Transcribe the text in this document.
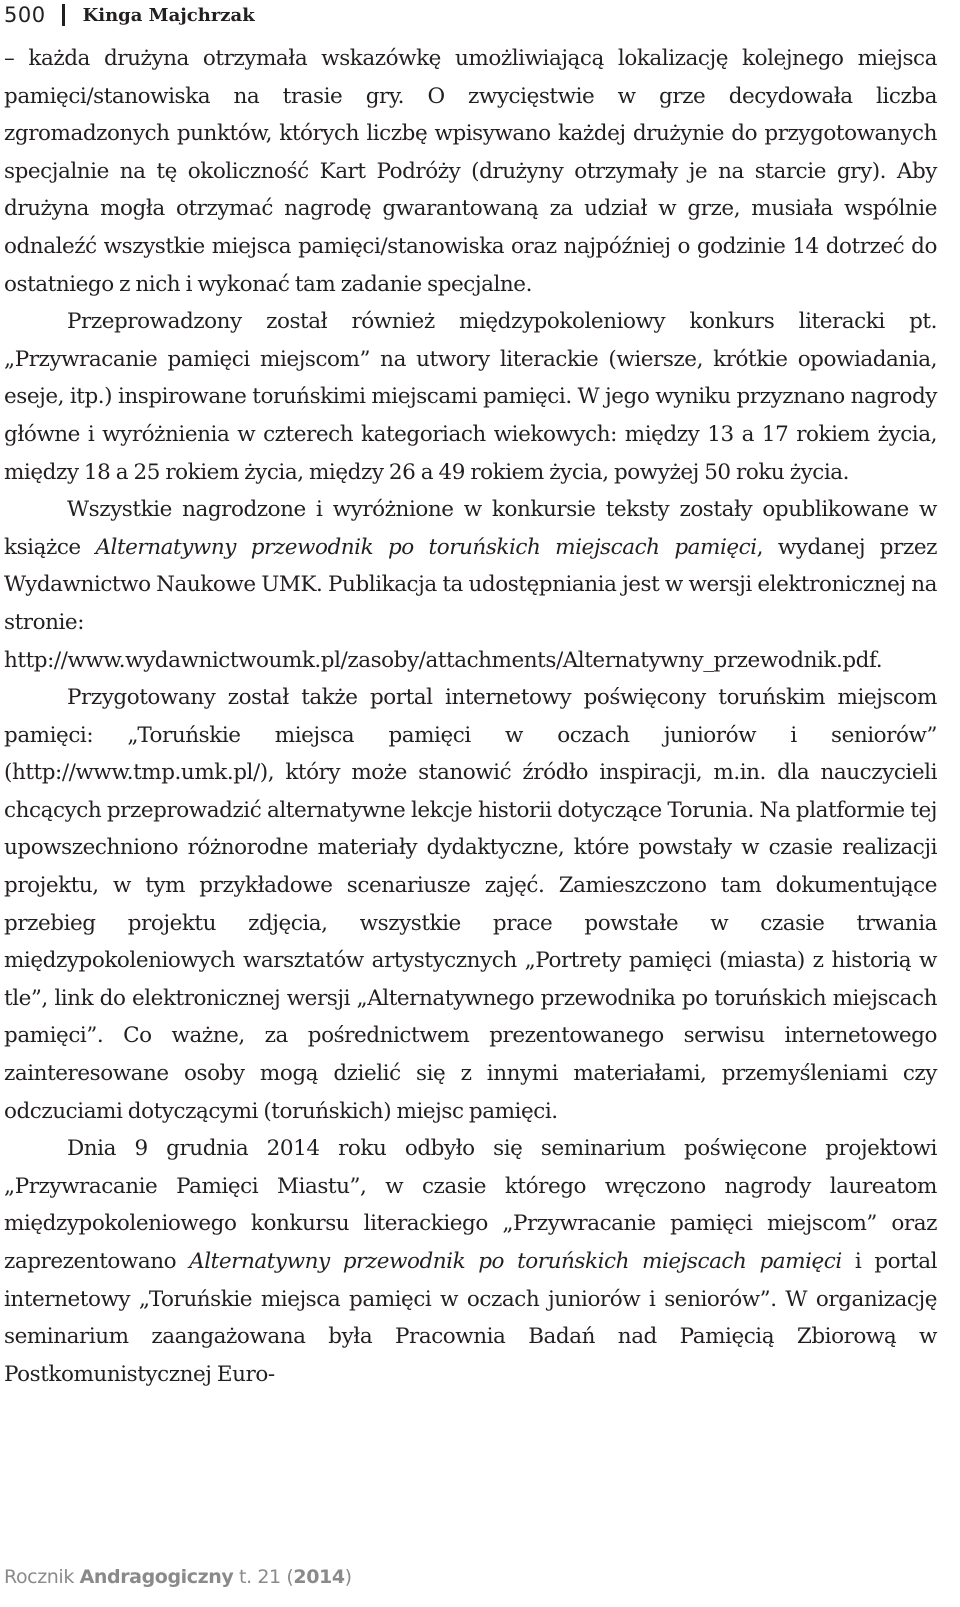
500 Kinga Majchrzak

– każda drużyna otrzymała wskazówkę umożliwiającą lokalizację kolejnego miejsca pamięci/stanowiska na trasie gry. O zwycięstwie w grze decydowała liczba zgromadzonych punktów, których liczbę wpisywano każdej drużynie do przygotowanych specjalnie na tę okoliczność Kart Podróży (drużyny otrzymały je na starcie gry). Aby drużyna mogła otrzymać nagrodę gwarantowaną za udział w grze, musiała wspólnie odnaleźć wszystkie miejsca pamięci/stanowiska oraz najpóźniej o godzinie 14 dotrzeć do ostatniego z nich i wykonać tam zadanie specjalne.

Przeprowadzony został również międzypokoleniowy konkurs literacki pt. „Przywracanie pamięci miejscom” na utwory literackie (wiersze, krótkie opowiadania, eseje, itp.) inspirowane toruńskimi miejscami pamięci. W jego wyniku przyznano nagrody główne i wyróżnienia w czterech kategoriach wiekowych: między 13 a 17 rokiem życia, między 18 a 25 rokiem życia, między 26 a 49 rokiem życia, powyżej 50 roku życia.

Wszystkie nagrodzone i wyróżnione w konkursie teksty zostały opublikowane w książce Alternatywny przewodnik po toruńskich miejscach pamięci, wydanej przez Wydawnictwo Naukowe UMK. Publikacja ta udostępniania jest w wersji elektronicznej na stronie: http://www.wydawnictwoumk.pl/zasoby/attachments/Alternatywny_przewodnik.pdf.

Przygotowany został także portal internetowy poświęcony toruńskim miejscom pamięci: „Toruńskie miejsca pamięci w oczach juniorów i seniorów” (http://www.tmp.umk.pl/), który może stanowić źródło inspiracji, m.in. dla nauczycieli chcących przeprowadzić alternatywne lekcje historii dotyczące Torunia. Na platformie tej upowszechniono różnorodne materiały dydaktyczne, które powstały w czasie realizacji projektu, w tym przykładowe scenariusze zajęć. Zamieszczono tam dokumentujące przebieg projektu zdjęcia, wszystkie prace powstałe w czasie trwania międzypokoleniowych warsztatów artystycznych „Portrety pamięci (miasta) z historią w tle”, link do elektronicznej wersji „Alternatywnego przewodnika po toruńskich miejscach pamięci”. Co ważne, za pośrednictwem prezentowanego serwisu internetowego zainteresowane osoby mogą dzielić się z innymi materiałami, przemyśleniami czy odczuciami dotyczącymi (toruńskich) miejsc pamięci.

Dnia 9 grudnia 2014 roku odbyło się seminarium poświęcone projektowi „Przywracanie Pamięci Miastu”, w czasie którego wręczono nagrody laureatom międzypokoleniowego konkursu literackiego „Przywracanie pamięci miejscom” oraz zaprezentowano Alternatywny przewodnik po toruńskich miejscach pamięci i portal internetowy „Toruńskie miejsca pamięci w oczach juniorów i seniorów”. W organizację seminarium zaangażowana była Pracownia Badań nad Pamięcią Zbiorową w Postkomunistycznej Euro-

Rocznik Andragogiczny t. 21 (2014)
